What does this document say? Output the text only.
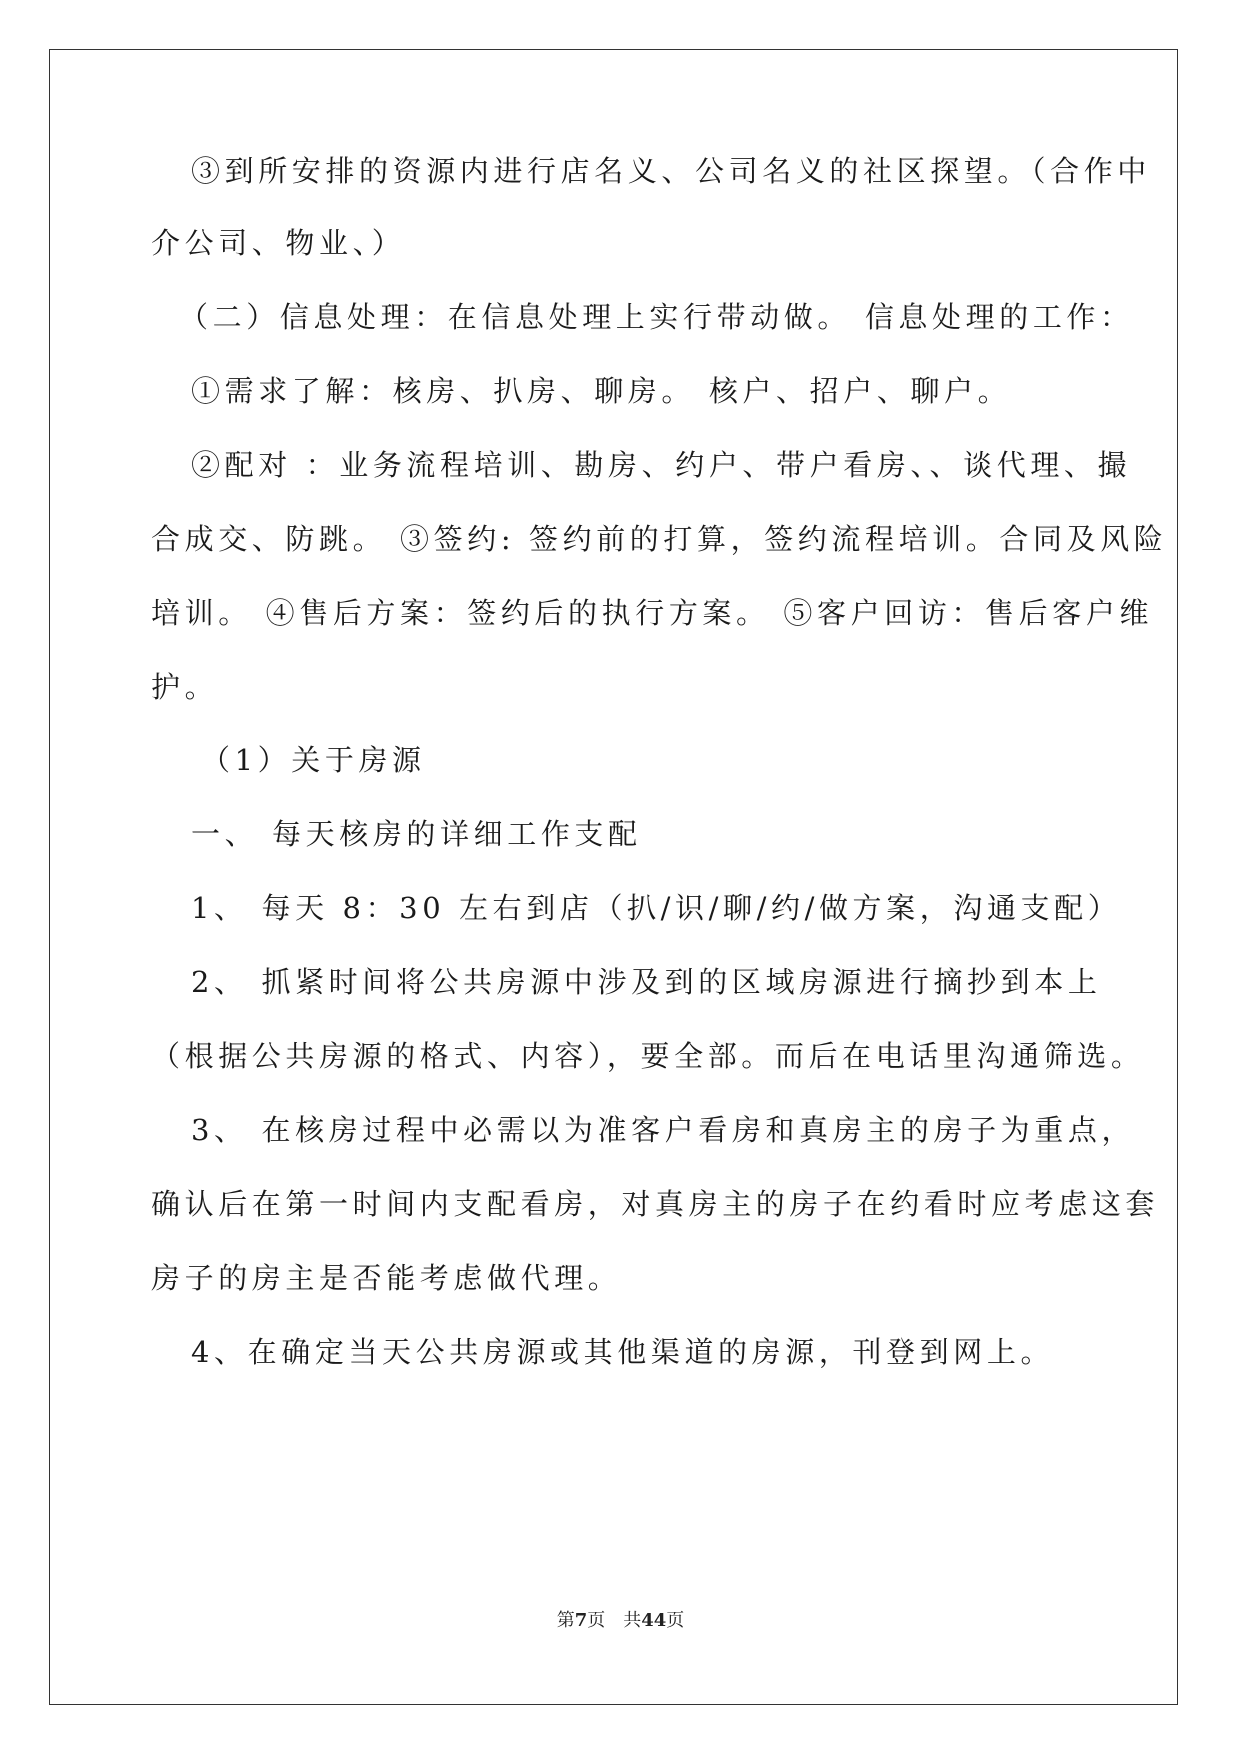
③到所安排的资源内进行店名义、公司名义的社区探望。（合作中
介公司、物业、）
（二）信息处理：在信息处理上实行带动做。 信息处理的工作：
①需求了解：核房、扒房、聊房。 核户、招户、聊户。
②配对 ：业务流程培训、勘房、约户、带户看房、、谈代理、撮
合成交、防跳。 ③签约: 签约前的打算，签约流程培训。合同及风险
培训。 ④售后方案：签约后的执行方案。 ⑤客户回访：售后客户维
护。
（1）关于房源
一、 每天核房的详细工作支配
1、 每天 8：30 左右到店（扒/识/聊/约/做方案，沟通支配）
2、 抓紧时间将公共房源中涉及到的区域房源进行摘抄到本上
（根据公共房源的格式、内容），要全部。而后在电话里沟通筛选。
3、 在核房过程中必需以为准客户看房和真房主的房子为重点，
确认后在第一时间内支配看房，对真房主的房子在约看时应考虑这套
房子的房主是否能考虑做代理。
4、在确定当天公共房源或其他渠道的房源，刊登到网上。
第7页　共44页
